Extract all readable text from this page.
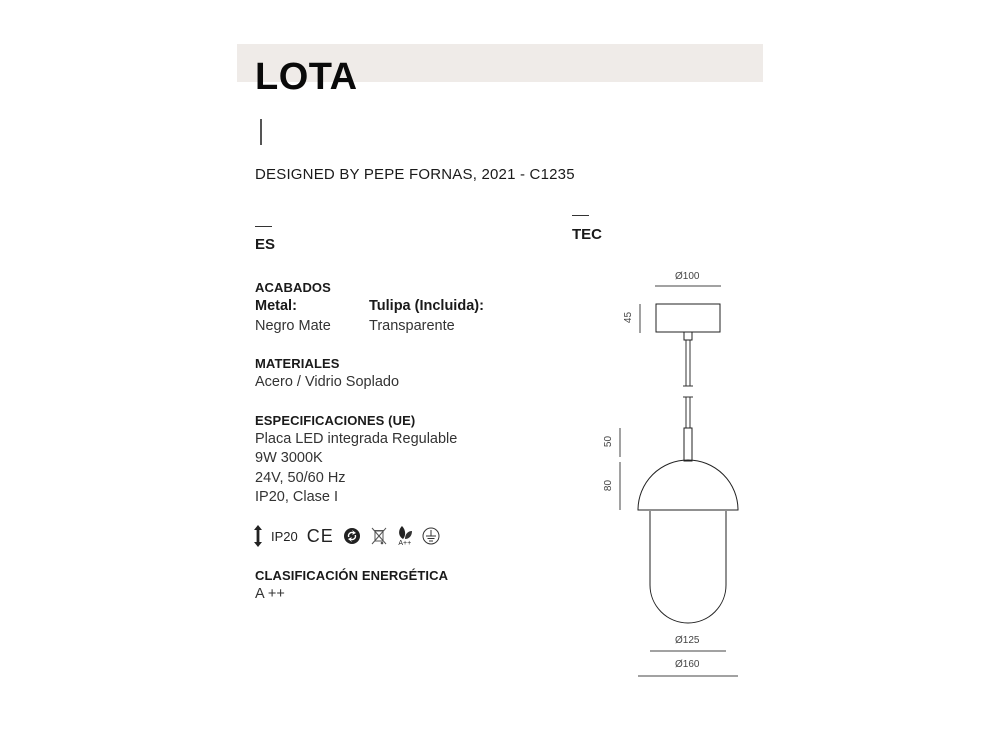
LOTA
DESIGNED BY PEPE FORNAS, 2021 - C1235
ES
ACABADOS
Metal:
Negro Mate
Tulipa (Incluida):
Transparente
MATERIALES
Acero / Vidrio Soplado
ESPECIFICACIONES (UE)
Placa LED integrada Regulable
9W 3000K
24V, 50/60 Hz
IP20, Clase I
IP20 CE	A++
CLASIFICACIÓN ENERGÉTICA
A ++
TEC
Ø100
45
50
80
Ø125
Ø160
